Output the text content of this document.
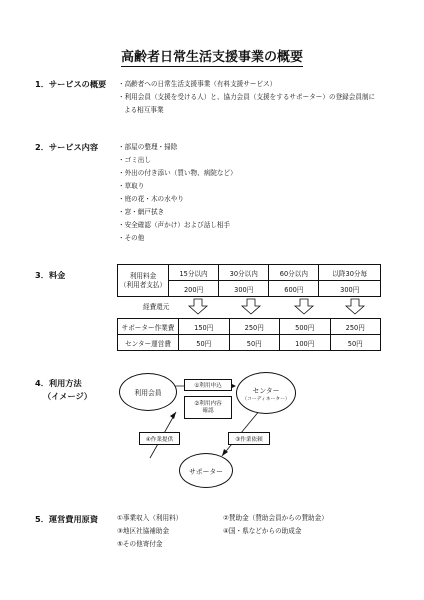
高齢者日常生活支援事業の概要
1．サービスの概要 ・高齢者への日常生活支援事業（有料支援サービス）
・利用会員（支援を受ける人）と、協力会員（支援をするサポーター）の登録会員制に
よる相互事業
2．サービス内容	・部屋の整理・掃除
・ゴミ出し
・外出の付き添い（買い物、病院など）
・草取り
・庭の花・木の水やり
・窓・網戸拭き
・安全確認（声かけ）および話し相手
・その他
3．料金	利用料金
（利用者支払）	15分以内	30分以内	60分以内	以降30分毎
	200円	300円	600円	300円
経費還元
サポーター作業費	150円	250円	500円	250円
センター運営費	50円	50円	100円	50円
4．利用方法
（イメージ）	利用会員	センター
（コーディネーター）
サポーター
①利用申込
②利用内容
確認
④作業提供	③作業依頼
5．運営費用原資	①事業収入（利用料）	②賛助金（賛助会員からの賛助金）
③地区社協補助金	④国・県などからの助成金
⑤その他寄付金
